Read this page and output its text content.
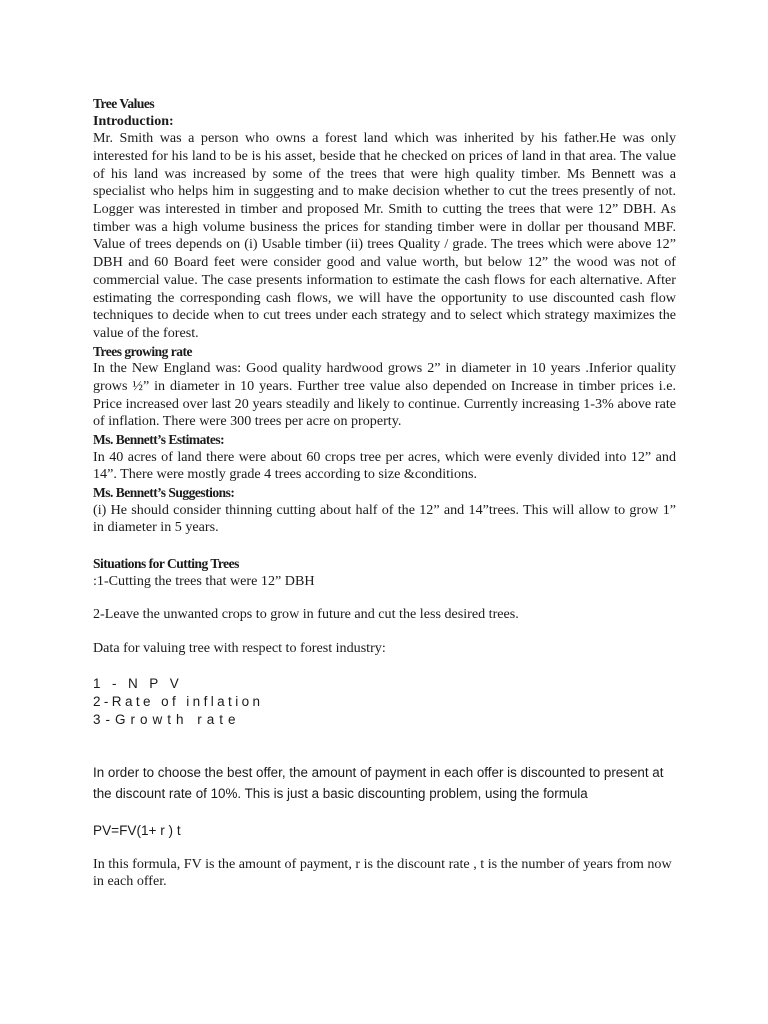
Tree Values

Introduction:

Mr. Smith was a person who owns a forest land which was inherited by his father.He was only interested for his land to be is his asset, beside that he checked on prices of land in that area. The value of his land was increased by some of the trees that were high quality timber. Ms Bennett was a specialist who helps him in suggesting and to make decision whether to cut the trees presently of not. Logger was interested in timber and proposed Mr. Smith to cutting the trees that were 12” DBH. As timber was a high volume business the prices for standing timber were in dollar per thousand MBF. Value of trees depends on (i) Usable timber (ii) trees Quality / grade. The trees which were above 12” DBH and 60 Board feet were consider good and value worth, but below 12” the wood was not of commercial value. The case presents information to estimate the cash flows for each alternative. After estimating the corresponding cash flows, we will have the opportunity to use discounted cash flow techniques to decide when to cut trees under each strategy and to select which strategy maximizes the value of the forest.

Trees growing rate

In the New England was: Good quality hardwood grows 2” in diameter in 10 years .Inferior quality grows ½” in diameter in 10 years. Further tree value also depended on Increase in timber prices i.e. Price increased over last 20 years steadily and likely to continue. Currently increasing 1-3% above rate of inflation. There were 300 trees per acre on property.

Ms. Bennett’s Estimates:

In 40 acres of land there were about 60 crops tree per acres, which were evenly divided into 12” and 14”. There were mostly grade 4 trees according to size &conditions.

Ms. Bennett’s Suggestions:

(i) He should consider thinning cutting about half of the 12” and 14”trees. This will allow to grow 1” in diameter in 5 years.

Situations for Cutting Trees

:1-Cutting the trees that were 12” DBH

2-Leave the unwanted crops to grow in future and cut the less desired trees.

Data for valuing tree with respect to forest industry:

1-NPV

2-Rate of inflation

3-Growth rate

In order to choose the best offer, the amount of payment in each offer is discounted to present at the discount rate of 10%. This is just a basic discounting problem, using the formula

PV=FV(1+ r ) t

In this formula, FV is the amount of payment, r is the discount rate , t is the number of years from now in each offer.
